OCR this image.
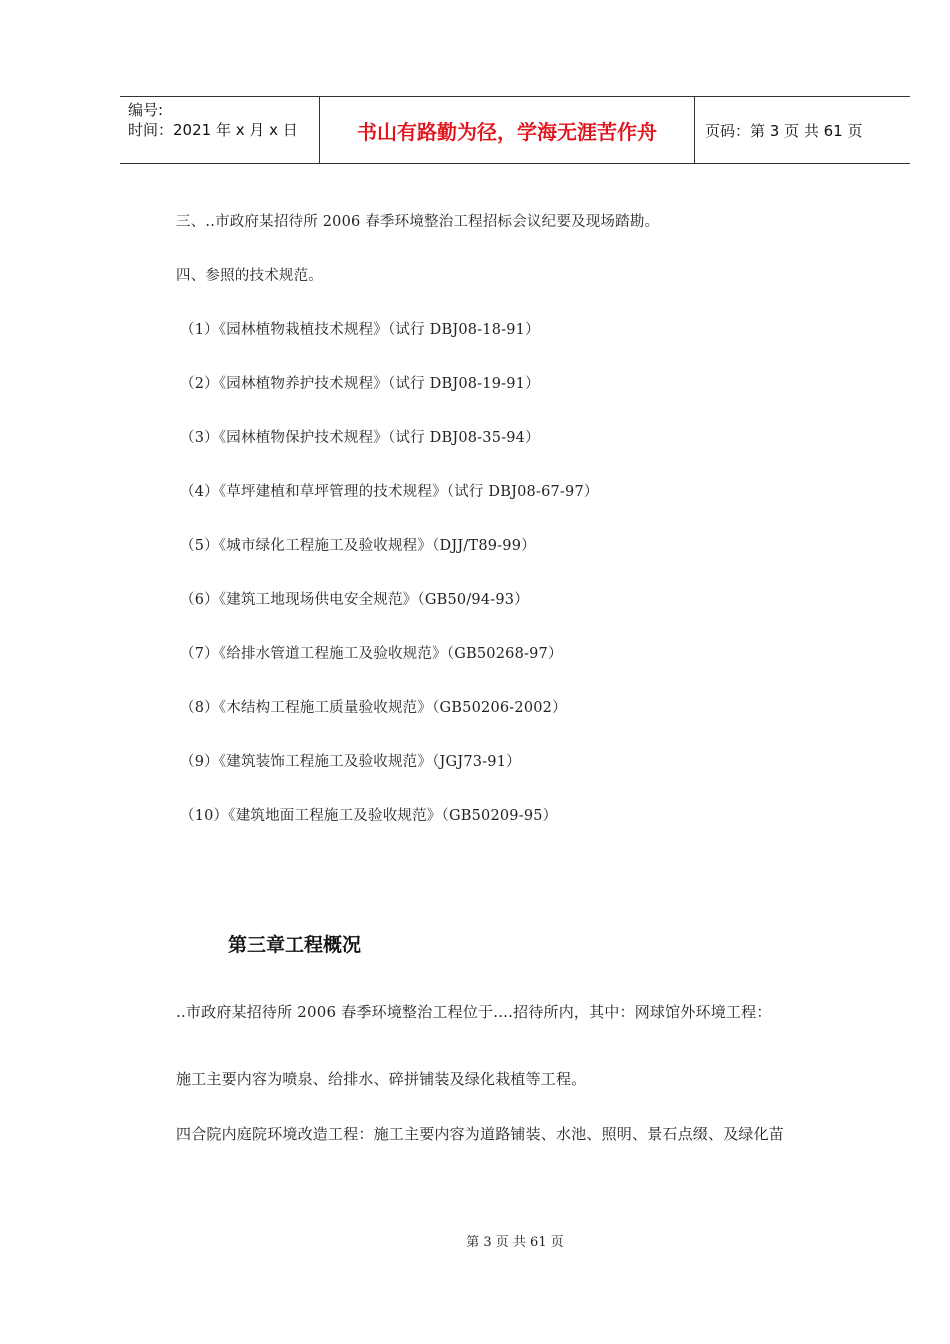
编号:
时间：2021 年 x 月 x 日	书山有路勤为径，学海无涯苦作舟	页码：第 3 页 共 61 页
三、..市政府某招待所 2006 春季环境整治工程招标会议纪要及现场踏勘。
四、参照的技术规范。
（1）《园林植物栽植技术规程》（试行 DBJ08-18-91）
（2）《园林植物养护技术规程》（试行 DBJ08-19-91）
（3）《园林植物保护技术规程》（试行 DBJ08-35-94）
（4）《草坪建植和草坪管理的技术规程》（试行 DBJ08-67-97）
（5）《城市绿化工程施工及验收规程》（DJJ/T89-99）
（6）《建筑工地现场供电安全规范》（GB50/94-93）
（7）《给排水管道工程施工及验收规范》（GB50268-97）
（8）《木结构工程施工质量验收规范》（GB50206-2002）
（9）《建筑装饰工程施工及验收规范》（JGJ73-91）
（10）《建筑地面工程施工及验收规范》（GB50209-95）
第三章工程概况
..市政府某招待所 2006 春季环境整治工程位于....招待所内，其中：网球馆外环境工程：
施工主要内容为喷泉、给排水、碎拼铺装及绿化栽植等工程。
四合院内庭院环境改造工程：施工主要内容为道路铺装、水池、照明、景石点缀、及绿化苗
第 3 页 共 61 页
